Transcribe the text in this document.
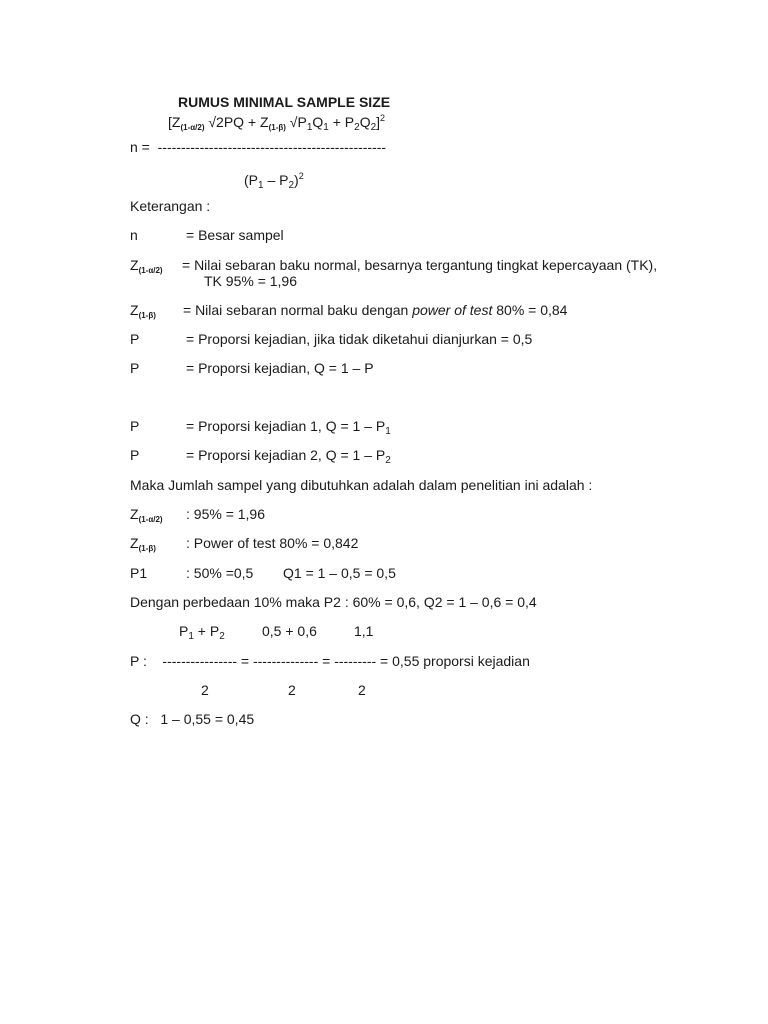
RUMUS MINIMAL SAMPLE SIZE
[$Z_{(1-\alpha/2)}$ $√2PQ + Z_{(1-\beta)}$ $√P_1Q_1 + P_2Q_2]^2$
n =  -------------------------------------------------
$(P_1 - P_2)^2$
Keterangan :
n	= Besar sampel
$Z_{(1-\alpha/2)}$ = Nilai sebaran baku normal, besarnya tergantung tingkat kepercayaan (TK),
TK 95% = 1,96
$Z_{(1-\beta)}$ = Nilai sebaran normal baku dengan power of test 80% = 0,84
P	= Proporsi kejadian, jika tidak diketahui dianjurkan = 0,5
P	= Proporsi kejadian, Q = 1 – P
P	= Proporsi kejadian 1, $Q = 1 - P_1$
P	= Proporsi kejadian 2, $Q = 1 - P_2$
Maka Jumlah sampel yang dibutuhkan adalah dalam penelitian ini adalah :
$Z_{(1-\alpha/2)}$ : 95% = 1,96
$Z_{(1-\beta)}$ : Power of test 80% = 0,842
P1	: 50% =0,5 Q1 = 1 – 0,5 = 0,5
Dengan perbedaan 10% maka P2 : 60% = 0,6, Q2 = 1 – 0,6 = 0,4
$P_1 + P_2$	0,5 + 0,6	1,1
P :    ---------------- = -------------- = --------- = 0,55 proporsi kejadian
2	2	2
Q :   1 – 0,55 = 0,45
